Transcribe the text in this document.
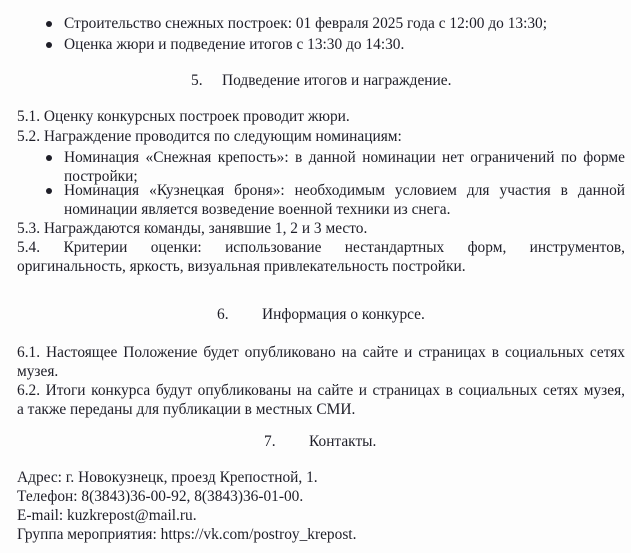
Строительство снежных построек: 01 февраля 2025 года с 12:00 до 13:30;
Оценка жюри и подведение итогов с 13:30 до 14:30.
5. Подведение итогов и награждение.
5.1. Оценку конкурсных построек проводит жюри.
5.2. Награждение проводится по следующим номинациям:
Номинация «Снежная крепость»: в данной номинации нет ограничений по форме
постройки;
Номинация «Кузнецкая броня»: необходимым условием для участия в данной
номинации является возведение военной техники из снега.
5.3. Награждаются команды, занявшие 1, 2 и 3 место.
5.4. Критерии оценки: использование нестандартных форм, инструментов,
оригинальность, яркость, визуальная привлекательность постройки.
6. Информация о конкурсе.
6.1. Настоящее Положение будет опубликовано на сайте и страницах в социальных сетях
музея.
6.2. Итоги конкурса будут опубликованы на сайте и страницах в социальных сетях музея,
а также переданы для публикации в местных СМИ.
7. Контакты.
Адрес: г. Новокузнецк, проезд Крепостной, 1.
Телефон: 8(3843)36-00-92, 8(3843)36-01-00.
E-mail: kuzkrepost@mail.ru.
Группа мероприятия: https://vk.com/postroy_krepost.
